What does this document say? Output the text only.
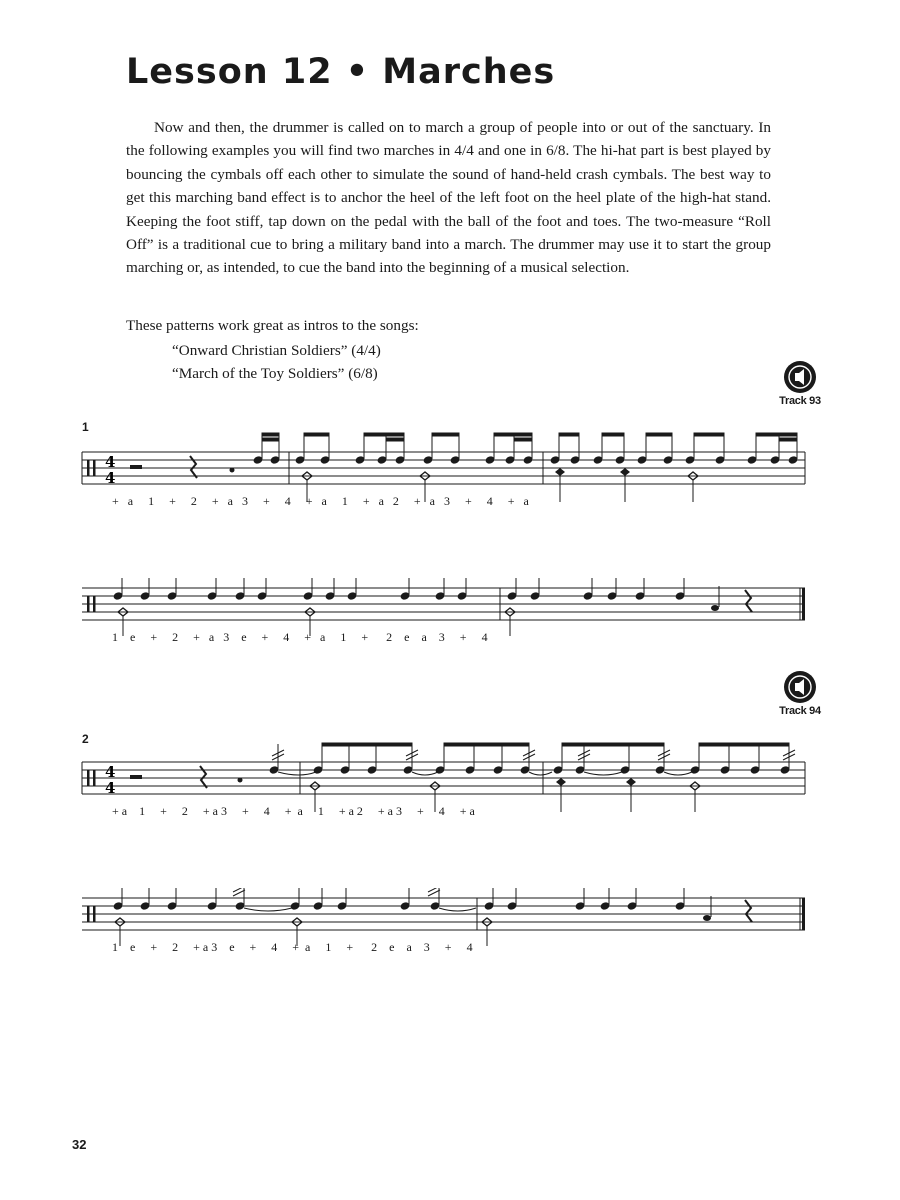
Lesson 12 • Marches

Now and then, the drummer is called on to march a group of people into or out of the sanctuary. In the following examples you will find two marches in 4/4 and one in 6/8. The hi-hat part is best played by bouncing the cymbals off each other to simulate the sound of hand-held crash cymbals. The best way to get this marching band effect is to anchor the heel of the left foot on the heel plate of the high-hat stand. Keeping the foot stiff, tap down on the pedal with the ball of the foot and toes. The two-measure “Roll Off” is a traditional cue to bring a military band into a march. The drummer may use it to start the group marching or, as intended, to cue the band into the beginning of a musical selection.

These patterns work great as intros to the songs:

“Onward Christian Soldiers” (4/4)

“March of the Toy Soldiers” (6/8)

Track 93
1
4
4

+   a     1     +     2     +   a   3     +     4     +   a     1     +   a   2     +   a   3     +     4     +   a

1    e     +     2     +   a   3    e     +     4     +   a     1     +      2    e    a    3     +     4

Track 94
2
4
4

+ a    1     +     2     + a 3     +     4     +  a     1     + a 2     + a 3     +     4     + a

1    e     +     2     + a 3    e     +     4     +  a     1     +      2    e    a    3     +     4

32
